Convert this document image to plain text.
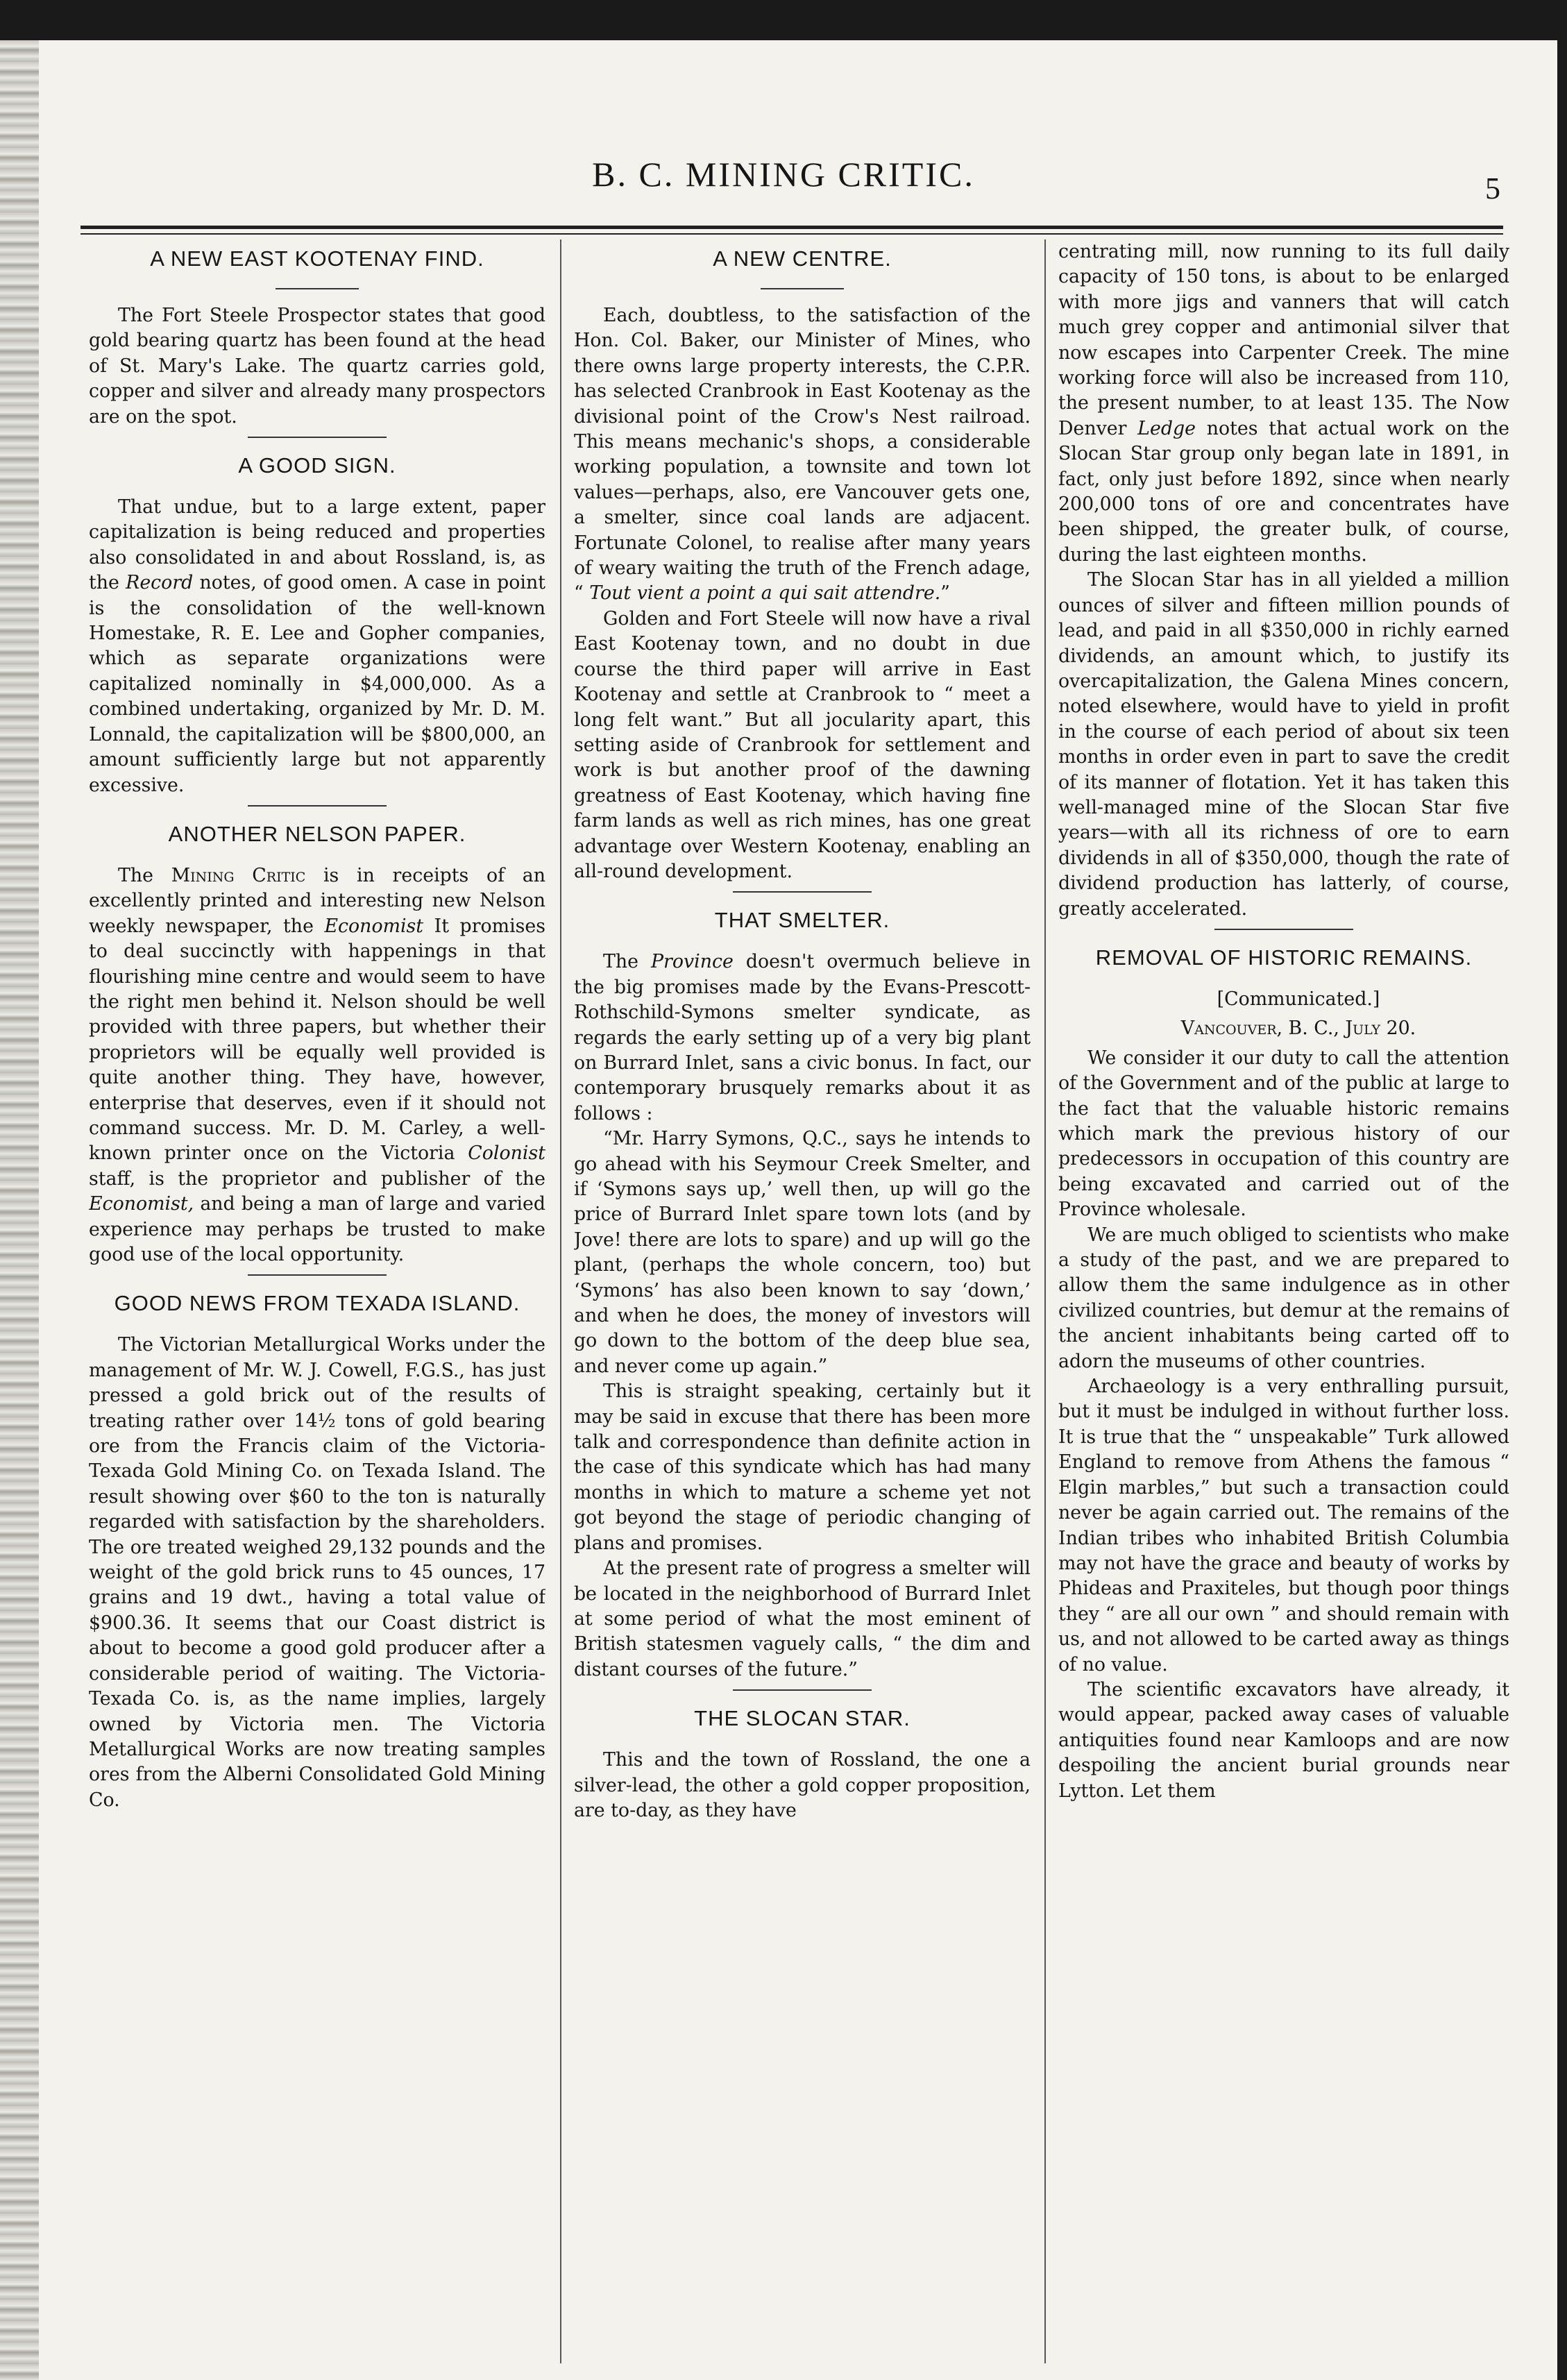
B. C. MINING CRITIC.	5
A NEW EAST KOOTENAY FIND.

The Fort Steele Prospector states that good gold bearing quartz has been found at the head of St. Mary's Lake. The quartz carries gold, copper and silver and already many prospectors are on the spot.

A GOOD SIGN.

That undue, but to a large extent, paper capitalization is being reduced and properties also consolidated in and about Rossland, is, as the Record notes, of good omen. A case in point is the consolidation of the well-known Homestake, R. E. Lee and Gopher companies, which as separate organizations were capitalized nominally in $4,000,000. As a combined undertaking, organized by Mr. D. M. Lonnald, the capitalization will be $800,000, an amount sufficiently large but not apparently excessive.

ANOTHER NELSON PAPER.

The Mining Critic is in receipts of an excellently printed and interesting new Nelson weekly newspaper, the Economist It promises to deal succinctly with happenings in that flourishing mine centre and would seem to have the right men behind it. Nelson should be well provided with three papers, but whether their proprietors will be equally well provided is quite another thing. They have, however, enterprise that deserves, even if it should not command success. Mr. D. M. Carley, a well-known printer once on the Victoria Colonist staff, is the proprietor and publisher of the Economist, and being a man of large and varied experience may perhaps be trusted to make good use of the local opportunity.

GOOD NEWS FROM TEXADA ISLAND.

The Victorian Metallurgical Works under the management of Mr. W. J. Cowell, F.G.S., has just pressed a gold brick out of the results of treating rather over 14½ tons of gold bearing ore from the Francis claim of the Victoria-Texada Gold Mining Co. on Texada Island. The result showing over $60 to the ton is naturally regarded with satisfaction by the shareholders. The ore treated weighed 29,132 pounds and the weight of the gold brick runs to 45 ounces, 17 grains and 19 dwt., having a total value of $900.36. It seems that our Coast district is about to become a good gold producer after a considerable period of waiting. The Victoria-Texada Co. is, as the name implies, largely owned by Victoria men. The Victoria Metallurgical Works are now treating samples ores from the Alberni Consolidated Gold Mining Co.

A NEW CENTRE.

Each, doubtless, to the satisfaction of the Hon. Col. Baker, our Minister of Mines, who there owns large property interests, the C.P.R. has selected Cranbrook in East Kootenay as the divisional point of the Crow's Nest railroad. This means mechanic's shops, a considerable working population, a townsite and town lot values—perhaps, also, ere Vancouver gets one, a smelter, since coal lands are adjacent. Fortunate Colonel, to realise after many years of weary waiting the truth of the French adage, “ Tout vient a point a qui sait attendre.”

Golden and Fort Steele will now have a rival East Kootenay town, and no doubt in due course the third paper will arrive in East Kootenay and settle at Cranbrook to “ meet a long felt want.” But all jocularity apart, this setting aside of Cranbrook for settlement and work is but another proof of the dawning greatness of East Kootenay, which having fine farm lands as well as rich mines, has one great advantage over Western Kootenay, enabling an all-round development.

THAT SMELTER.

The Province doesn't overmuch believe in the big promises made by the Evans-Prescott-Rothschild-Symons smelter syndicate, as regards the early setting up of a very big plant on Burrard Inlet, sans a civic bonus. In fact, our contemporary brusquely remarks about it as follows :

“Mr. Harry Symons, Q.C., says he intends to go ahead with his Seymour Creek Smelter, and if ‘Symons says up,’ well then, up will go the price of Burrard Inlet spare town lots (and by Jove! there are lots to spare) and up will go the plant, (perhaps the whole concern, too) but ‘Symons’ has also been known to say ‘down,’ and when he does, the money of investors will go down to the bottom of the deep blue sea, and never come up again.”

This is straight speaking, certainly but it may be said in excuse that there has been more talk and correspondence than definite action in the case of this syndicate which has had many months in which to mature a scheme yet not got beyond the stage of periodic changing of plans and promises.

At the present rate of progress a smelter will be located in the neighborhood of Burrard Inlet at some period of what the most eminent of British statesmen vaguely calls, “ the dim and distant courses of the future.”

THE SLOCAN STAR.

This and the town of Rossland, the one a silver-lead, the other a gold copper proposition, are to-day, as they have

centrating mill, now running to its full daily capacity of 150 tons, is about to be enlarged with more jigs and vanners that will catch much grey copper and antimonial silver that now escapes into Carpenter Creek. The mine working force will also be increased from 110, the present number, to at least 135. The Now Denver Ledge notes that actual work on the Slocan Star group only began late in 1891, in fact, only just before 1892, since when nearly 200,000 tons of ore and concentrates have been shipped, the greater bulk, of course, during the last eighteen months.

The Slocan Star has in all yielded a million ounces of silver and fifteen million pounds of lead, and paid in all $350,000 in richly earned dividends, an amount which, to justify its overcapitalization, the Galena Mines concern, noted elsewhere, would have to yield in profit in the course of each period of about six teen months in order even in part to save the credit of its manner of flotation. Yet it has taken this well-managed mine of the Slocan Star five years—with all its richness of ore to earn dividends in all of $350,000, though the rate of dividend production has latterly, of course, greatly accelerated.

REMOVAL OF HISTORIC REMAINS.

[Communicated.]

Vancouver, B. C., July 20.

We consider it our duty to call the attention of the Government and of the public at large to the fact that the valuable historic remains which mark the previous history of our predecessors in occupation of this country are being excavated and carried out of the Province wholesale.

We are much obliged to scientists who make a study of the past, and we are prepared to allow them the same indulgence as in other civilized countries, but demur at the remains of the ancient inhabitants being carted off to adorn the museums of other countries.

Archaeology is a very enthralling pursuit, but it must be indulged in without further loss. It is true that the “ unspeakable” Turk allowed England to remove from Athens the famous “ Elgin marbles,” but such a transaction could never be again carried out. The remains of the Indian tribes who inhabited British Columbia may not have the grace and beauty of works by Phideas and Praxiteles, but though poor things they “ are all our own ” and should remain with us, and not allowed to be carted away as things of no value.

The scientific excavators have already, it would appear, packed away cases of valuable antiquities found near Kamloops and are now despoiling the ancient burial grounds near Lytton. Let them
